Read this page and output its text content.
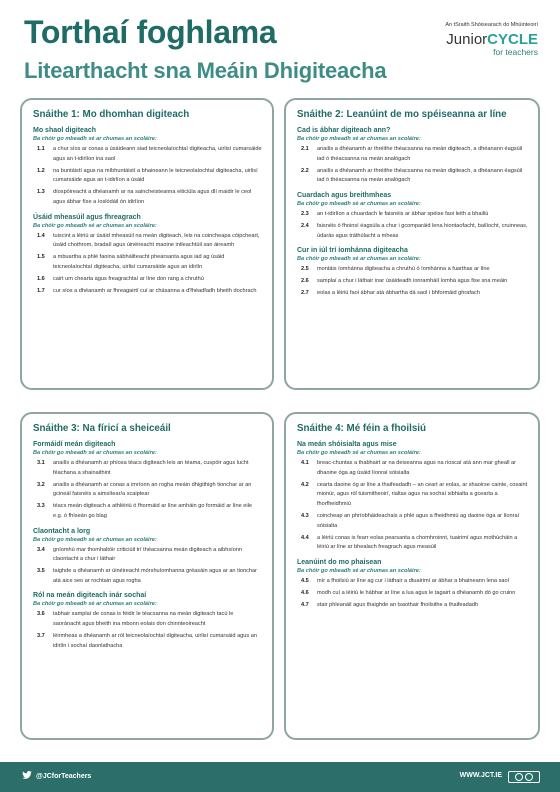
Torthaí foghlama
Litearthacht sna Meáin Dhigiteacha
An tSraith Shóisearach do Mhúinteoirí
JuniorCYCLE
for teachers
Snáithe 1: Mo dhomhan digiteach
Mo shaol digiteach
Ba chóir go mbeadh sé ar chumas an scoláire:
1.1	a chur síos ar conas a úsáideann siad teicneolaíochtaí digiteacha, uirlisí cumarsáide agus an t-idirlíon ina saol
1.2	na buntáistí agus na míbhuntáistí a bhaineann le teicneolaíochtaí digiteacha, uirlisí cumarsáide agus an t-idirlíon a úsáid
1.3	díospóireacht a dhéanamh ar na saincheisteanna eiticiúla agus dlí maidir le ceol agus ábhar físe a íoslódáil ón idirlíon
Úsáid mheasúil agus fhreagrach
Ba chóir go mbeadh sé ar chumas an scoláire:
1.4	tuiscint a léiriú ar úsáid mheasúil na meán digiteach, leis na coincheapa cóipcheart, úsáid chothrom, bradaíl agus úinéireacht maoine intleachtúil san áireamh
1.5	a mbuartha a phlé faoina sábháilteacht phearsanta agus iad ag úsáid teicneolaíochtaí digiteacha, uirlisí cumarsáide agus an idirlín
1.6	cairt um chearta agus freagrachtaí ar líne don rang a chruthú
1.7	cur síos a dhéanamh ar fhreagairtí cuí ar chásanna a d'fhéadfadh bheith dochrach
Snáithe 2: Leanúint de mo spéiseanna ar líne
Cad is ábhar digiteach ann?
Ba chóir go mbeadh sé ar chumas an scoláire:
2.1	anailís a dhéanamh ar thréithe théacsanna na meán digiteach, a dhéanann éagsúil iad ó théacsanna na meán analógach
2.2	anailís a dhéanamh ar thréithe théacsanna na meán digiteach, a dhéanann éagsúil iad ó théacsanna na meán analógach
Cuardach agus breithmheas
Ba chóir go mbeadh sé ar chumas an scoláire:
2.3	an t-idirlíon a chuardach le faisnéis ar ábhar spéise faoi leith a bhailiú
2.4	faisnéis ó fhoinsí éagsúla a chur i gcomparáid lena hiontaofacht, bailíocht, cruinneas, údarás agus tráthúlacht a mheas
Cur in iúl trí íomhánna digiteacha
Ba chóir go mbeadh sé ar chumas an scoláire:
2.5	montáis íomhánna digiteacha a chruthú ó íomhánna a fuarthas ar líne
2.6	samplaí a chur i láthair inar úsáideadh ionramháil íomhá agus fise sna meáin
2.7	eolas a léiriú faoi ábhar atá ábhartha dá saol i bhformáid ghrafach
Snáithe 3: Na fíricí a sheiceáil
Formáidí meán digiteach
Ba chóir go mbeadh sé ar chumas an scoláire:
3.1	anailís a dhéanamh ar phíosa téacs digiteach leis an téama, cuspóir agus lucht féachana a shainaithint
3.2	anailís a dhéanamh ar conas a imríonn an rogha meáin dhigithigh tionchar ar an gcineál faisnéis a aimsítear/a scaiptear
3.3	téacs meán digiteach a athléiriú ó fhormáid ar líne amháin go formáid ar líne eile e.g. ó fhíseán go blag
Claontacht a lorg
Ba chóir go mbeadh sé ar chumas an scoláire:
3.4	gníomhú mar thomhaltóir criticiúil trí théacsanna meán digiteach a aibhsíonn claontacht a chur i láthair
3.5	taighde a dhéanamh ar úinéireacht mórshuíomhanna gréasáin agus ar an tionchar atá aice seo ar rochtain agus rogha
Ról na meán digiteach inár sochaí
Ba chóir go mbeadh sé ar chumas an scoláire:
3.6	tabhair samplaí de conas is féidir le téacsanna na meán digiteach tacú le saoránacht agus bheith ina mbonn eolais don chinnteoireacht
3.7	léirmheas a dhéanamh ar ról teicneolaíochtaí digiteacha, uirlisí cumarsáid agus an idirlín i sochaí daonlathacha
Snáithe 4: Mé féin a fhoilsiú
Na meán shóisialta agus mise
Ba chóir go mbeadh sé ar chumas an scoláire:
4.1	breac-chuntas a thabhairt ar na deiseanna agus na rioscaí atá ann mar gheall ar dhaoine óga ag úsáid líonraí sóisialta
4.2	cearta daoine óg ar líne a thaifeadadh – an ceart ar eolas, ar shaoirse cainte, cosaint mionúr, agus ról tuismitheoirí, rialtas agus na sochaí sibhialta a gcearta a fhorfheidhmiú
4.3	coincheap an phríobháideachais a phlé agus a fheidhmiú ag daoine óga ar líonraí sóisialta
4.4	a léiriú conas is fearr eolas pearsanta a chomhroinnt, tuairimí agus mothúcháin a léiriú ar líne ar bhealach freagrach agus measúil
Leanúint do mo phaisean
Ba chóir go mbeadh sé ar chumas an scoláire:
4.5	mír a fhoilsiú ar líne ag cur i láthair a dtuairimí ar ábhar a bhaineann lena saol
4.6	modh cuí a léiriú le hábhar ar líne a lua agus le tagairt a dhéanamh dó go cruinn
4.7	stair phleanáil agus thaighde an tsaothair fhoilsithe a thaifeadadh
@JCforTeachers	WWW.JCT.IE
